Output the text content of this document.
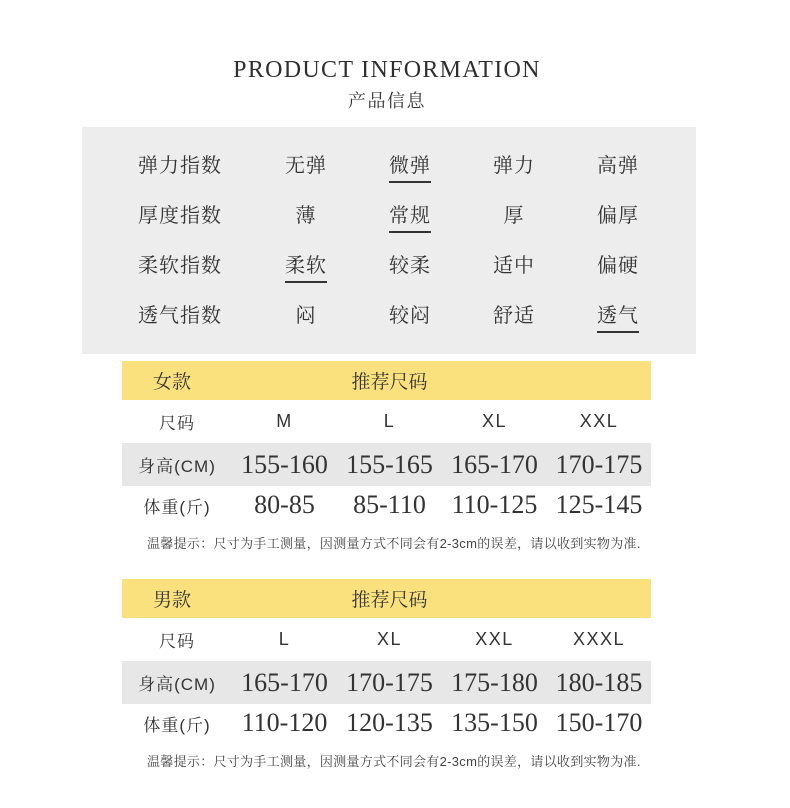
PRODUCT INFORMATION
产品信息
弹力指数	无弹	微弹	弹力	高弹
厚度指数	薄	常规	厚	偏厚
柔软指数	柔软	较柔	适中	偏硬
透气指数	闷	较闷	舒适	透气
女款	推荐尺码
尺码	M	L	XL	XXL
身高(CM) 155-160 155-165 165-170 170-175
体重(斤)	80-85	85-110 110-125 125-145
温馨提示：尺寸为手工测量，因测量方式不同会有2-3cm的误差，请以收到实物为准.
男款	推荐尺码
尺码	L	XL	XXL	XXXL
身高(CM) 165-170 170-175 175-180 180-185
体重(斤)	110-120 120-135 135-150 150-170
温馨提示：尺寸为手工测量，因测量方式不同会有2-3cm的误差，请以收到实物为准.
